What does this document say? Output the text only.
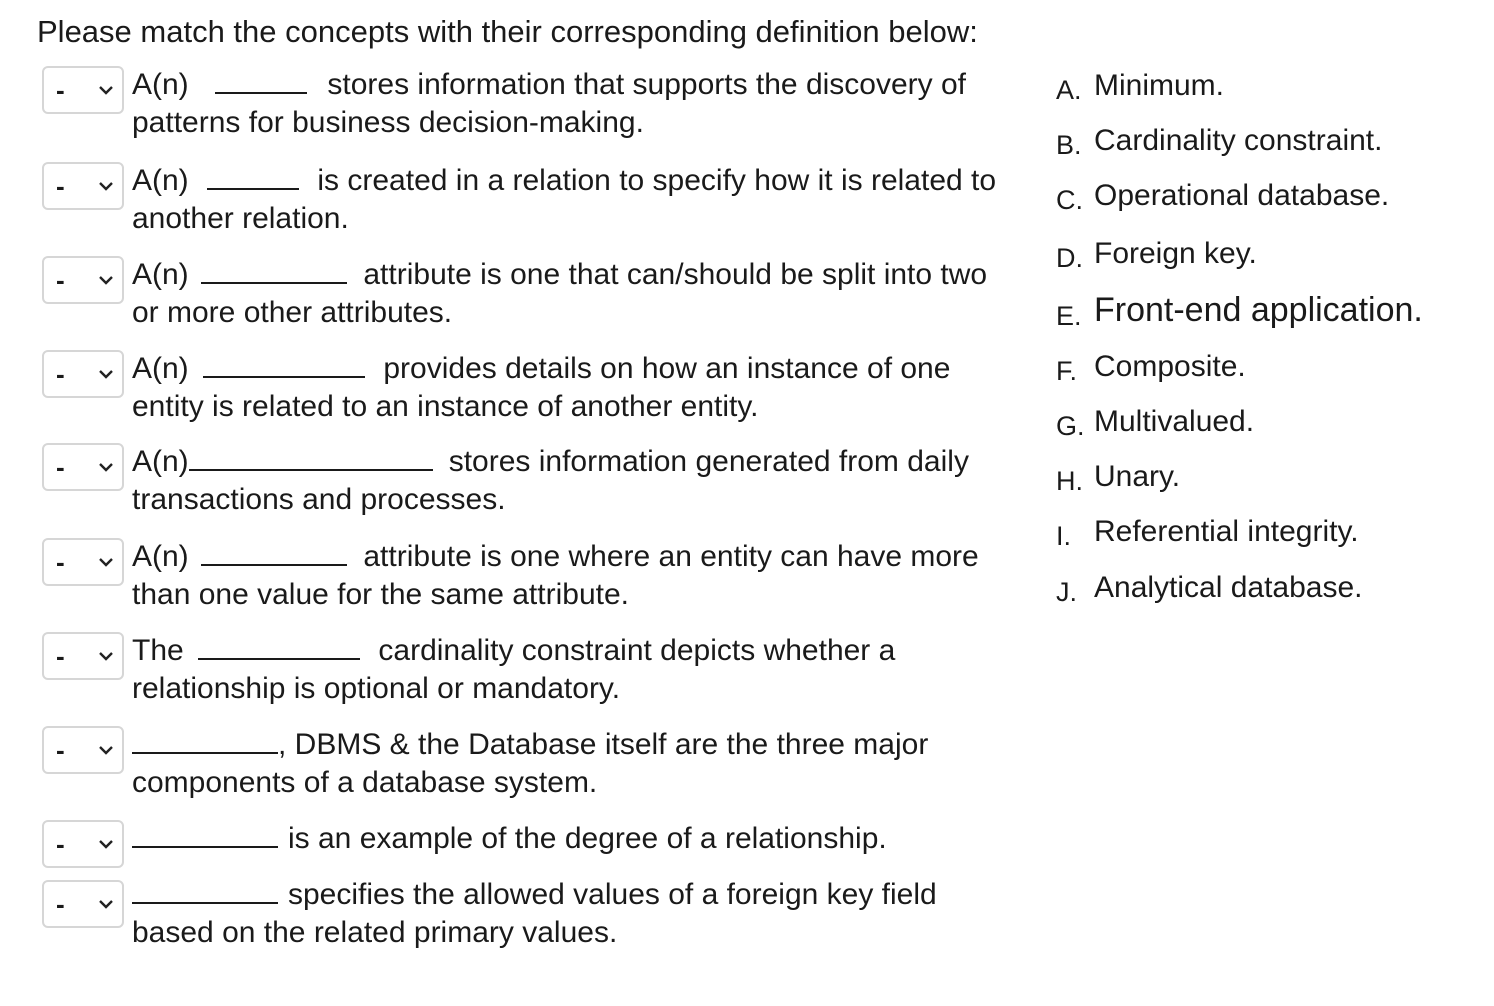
Please match the concepts with their corresponding definition below:
- A(n)	stores information that supports the discovery of
patterns for business decision-making.
- A(n)	is created in a relation to specify how it is related to
another relation.
- A(n)	attribute is one that can/should be split into two
or more other attributes.
- A(n)	provides details on how an instance of one
entity is related to an instance of another entity.
- A(n)	stores information generated from daily
transactions and processes.
- A(n)	attribute is one where an entity can have more
than one value for the same attribute.
- The	cardinality constraint depicts whether a
relationship is optional or mandatory.
-	, DBMS & the Database itself are the three major
components of a database system.
-	is an example of the degree of a relationship.
-	specifies the allowed values of a foreign key field
based on the related primary values.
A. Minimum.
B. Cardinality constraint.
C. Operational database.
D. Foreign key.
E. Front-end application.
F. Composite.
G. Multivalued.
H. Unary.
I. Referential integrity.
J. Analytical database.
